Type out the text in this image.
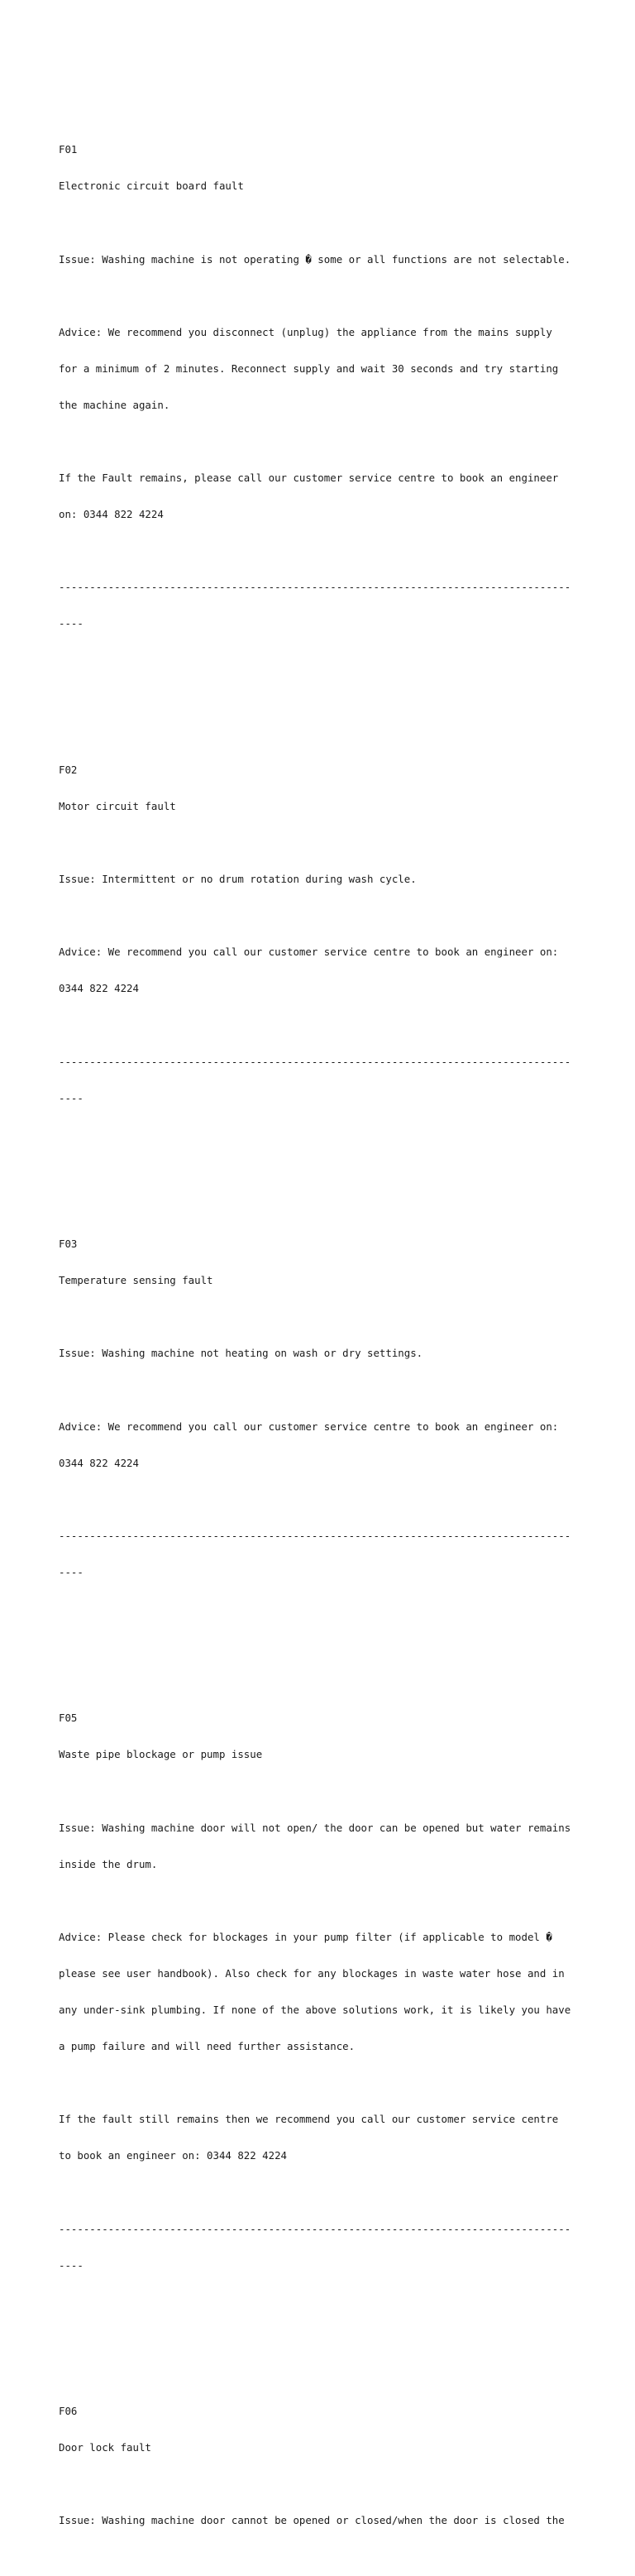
F01

Electronic circuit board fault

Issue: Washing machine is not operating � some or all functions are not selectable.

Advice: We recommend you disconnect (unplug) the appliance from the mains supply

for a minimum of 2 minutes. Reconnect supply and wait 30 seconds and try starting

the machine again.

If the Fault remains, please call our customer service centre to book an engineer

on: 0344 822 4224

-----------------------------------------------------------------------------------

----

F02

Motor circuit fault

Issue: Intermittent or no drum rotation during wash cycle.

Advice: We recommend you call our customer service centre to book an engineer on:

0344 822 4224

-----------------------------------------------------------------------------------

----

F03

Temperature sensing fault

Issue: Washing machine not heating on wash or dry settings.

Advice: We recommend you call our customer service centre to book an engineer on:

0344 822 4224

-----------------------------------------------------------------------------------

----

F05

Waste pipe blockage or pump issue

Issue: Washing machine door will not open/ the door can be opened but water remains

inside the drum.

Advice: Please check for blockages in your pump filter (if applicable to model �

please see user handbook). Also check for any blockages in waste water hose and in

any under-sink plumbing. If none of the above solutions work, it is likely you have

a pump failure and will need further assistance.

If the fault still remains then we recommend you call our customer service centre

to book an engineer on: 0344 822 4224

-----------------------------------------------------------------------------------

----

F06

Door lock fault

Issue: Washing machine door cannot be opened or closed/when the door is closed the
